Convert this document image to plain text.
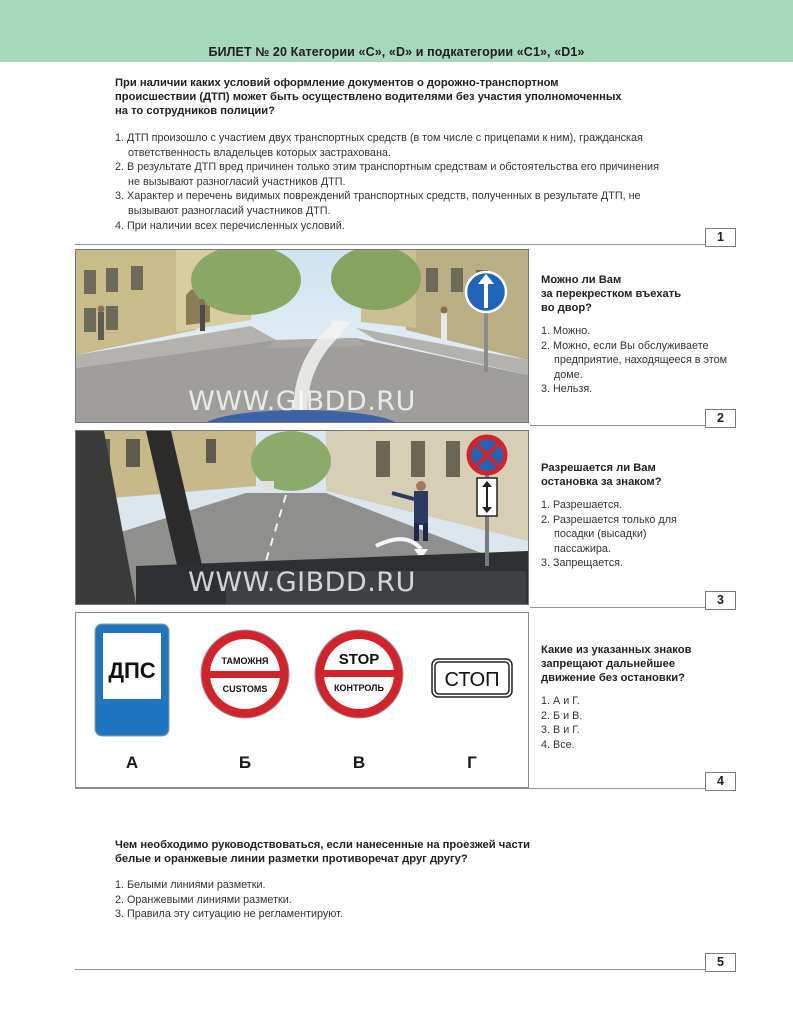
БИЛЕТ № 20 Категории «C», «D» и подкатегории «C1», «D1»
При наличии каких условий оформление документов о дорожно-транспортном
происшествии (ДТП) может быть осуществлено водителями без участия уполномоченных
на то сотрудников полиции?
1. ДТП произошло с участием двух транспортных средств (в том числе с прицепами к ним), гражданская ответственность владельцев которых застрахована.
2. В результате ДТП вред причинен только этим транспортным средствам и обстоятельства его причинения не вызывают разногласий участников ДТП.
3. Характер и перечень видимых повреждений транспортных средств, полученных в результате ДТП, не вызывают разногласий участников ДТП.
4. При наличии всех перечисленных условий.
1
WWW.GIBDD.RU
Можно ли Вам
за перекрестком въехать
во двор?
1. Можно.
2. Можно, если Вы обслуживаете предприятие, находящееся в этом доме.
3. Нельзя.
2
WWW.GIBDD.RU
Разрешается ли Вам
остановка за знаком?
1. Разрешается.
2. Разрешается только для посадки (высадки) пассажира.
3. Запрещается.
3
ДПС
А
ТАМОЖНЯ
CUSTOMS
Б
STOP
КОНТРОЛЬ
В
СТОП
Г
Какие из указанных знаков
запрещают дальнейшее
движение без остановки?
1. А и Г.
2. Б и В.
3. В и Г.
4. Все.
4
Чем необходимо руководствоваться, если нанесенные на проезжей части
белые и оранжевые линии разметки противоречат друг другу?
1. Белыми линиями разметки.
2. Оранжевыми линиями разметки.
3. Правила эту ситуацию не регламентируют.
5
